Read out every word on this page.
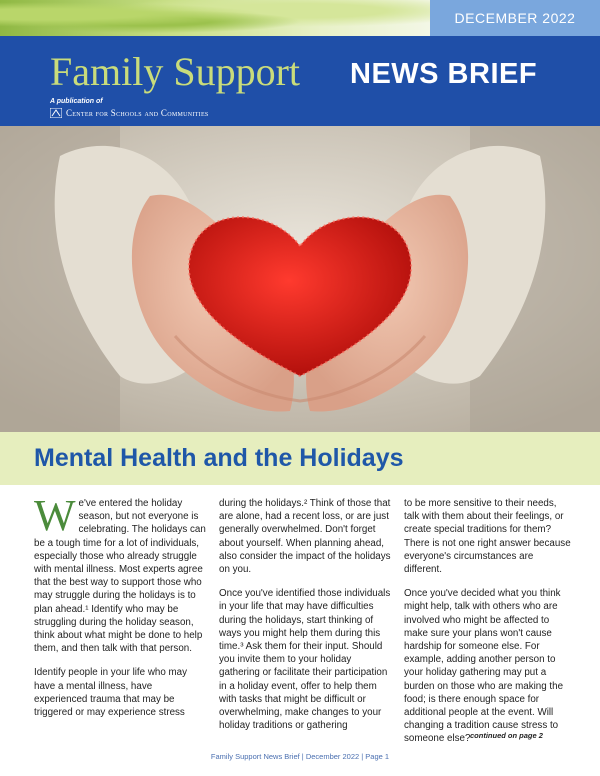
DECEMBER 2022
Family Support NEWS BRIEF
A publication of
Center for Schools and Communities
Mental Health and the Holidays

We've entered the holiday season, but not everyone is celebrating. The holidays can be a tough time for a lot of individuals, especially those who already struggle with mental illness. Most experts agree that the best way to support those who may struggle during the holidays is to plan ahead.¹ Identify who may be struggling during the holiday season, think about what might be done to help them, and then talk with that person.

Identify people in your life who may have a mental illness, have experienced trauma that may be triggered or may experience stress

during the holidays.² Think of those that are alone, had a recent loss, or are just generally overwhelmed. Don't forget about yourself. When planning ahead, also consider the impact of the holidays on you.

Once you've identified those individuals in your life that may have difficulties during the holidays, start thinking of ways you might help them during this time.³ Ask them for their input. Should you invite them to your holiday gathering or facilitate their participation in a holiday event, offer to help them with tasks that might be difficult or overwhelming, make changes to your holiday traditions or gathering

to be more sensitive to their needs, talk with them about their feelings, or create special traditions for them? There is not one right answer because everyone's circumstances are different.

Once you've decided what you think might help, talk with others who are involved who might be affected to make sure your plans won't cause hardship for someone else. For example, adding another person to your holiday gathering may put a burden on those who are making the food; is there enough space for additional people at the event. Will changing a tradition cause stress to someone else? continued on page 2
Family Support News Brief | December 2022 | Page 1
